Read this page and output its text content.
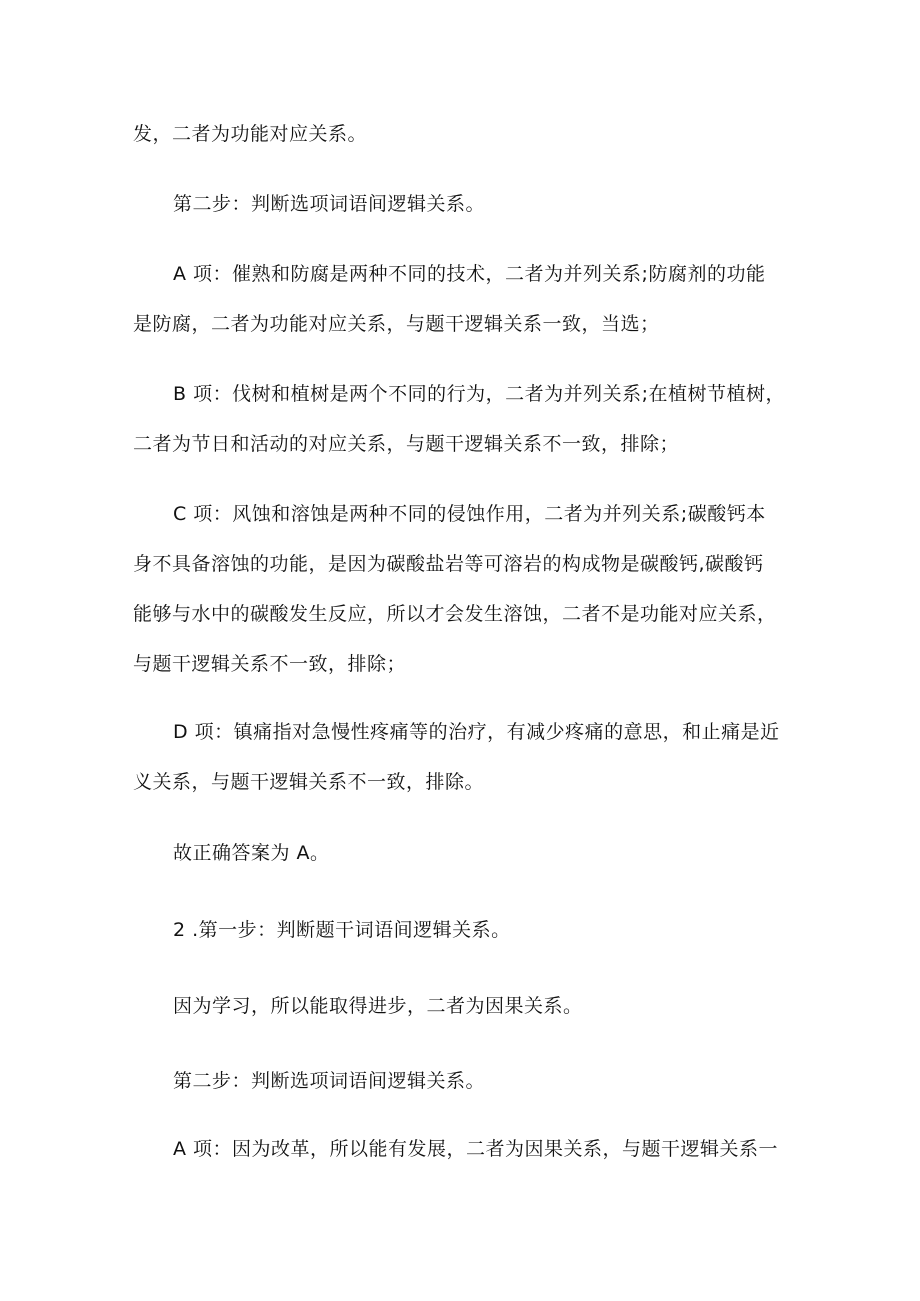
发，二者为功能对应关系。
第二步：判断选项词语间逻辑关系。
A 项：催熟和防腐是两种不同的技术，二者为并列关系;防腐剂的功能
是防腐，二者为功能对应关系，与题干逻辑关系一致，当选；
B 项：伐树和植树是两个不同的行为，二者为并列关系;在植树节植树，
二者为节日和活动的对应关系，与题干逻辑关系不一致，排除；
C 项：风蚀和溶蚀是两种不同的侵蚀作用，二者为并列关系;碳酸钙本
身不具备溶蚀的功能，是因为碳酸盐岩等可溶岩的构成物是碳酸钙,碳酸钙
能够与水中的碳酸发生反应，所以才会发生溶蚀，二者不是功能对应关系，
与题干逻辑关系不一致，排除；
D 项：镇痛指对急慢性疼痛等的治疗，有减少疼痛的意思，和止痛是近
义关系，与题干逻辑关系不一致，排除。
故正确答案为 A。
2 .第一步：判断题干词语间逻辑关系。
因为学习，所以能取得进步，二者为因果关系。
第二步：判断选项词语间逻辑关系。
A 项：因为改革，所以能有发展，二者为因果关系，与题干逻辑关系一
